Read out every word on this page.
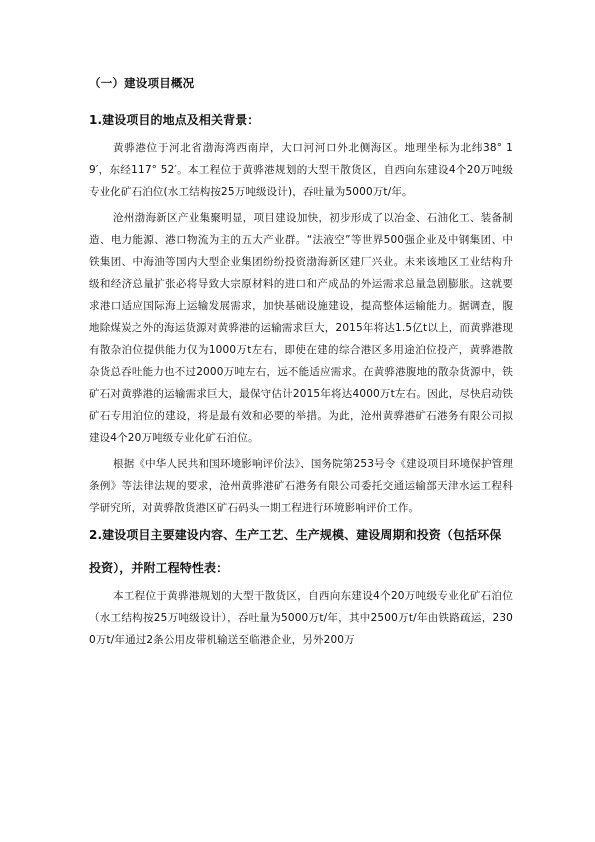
（一）建设项目概况
1.建设项目的地点及相关背景：
黄骅港位于河北省渤海湾西南岸，大口河河口外北侧海区。地理坐标为北纬38° 19′，东经117° 52′。本工程位于黄骅港规划的大型干散货区，自西向东建设4个20万吨级专业化矿石泊位(水工结构按25万吨级设计)，吞吐量为5000万t/年。
沧州渤海新区产业集聚明显，项目建设加快，初步形成了以冶金、石油化工、装备制造、电力能源、港口物流为主的五大产业群。“法液空”等世界500强企业及中钢集团、中铁集团、中海油等国内大型企业集团纷纷投资渤海新区建厂兴业。未来该地区工业结构升级和经济总量扩张必将导致大宗原材料的进口和产成品的外运需求总量急剧膨胀。这就要求港口适应国际海上运输发展需求，加快基础设施建设，提高整体运输能力。据调查，腹地除煤炭之外的海运货源对黄骅港的运输需求巨大，2015年将达1.5亿t以上，而黄骅港现有散杂泊位提供能力仅为1000万t左右，即使在建的综合港区多用途泊位投产，黄骅港散杂货总吞吐能力也不过2000万吨左右，远不能适应需求。在黄骅港腹地的散杂货源中，铁矿石对黄骅港的运输需求巨大，最保守估计2015年将达4000万t左右。因此，尽快启动铁矿石专用泊位的建设，将是最有效和必要的举措。为此，沧州黄骅港矿石港务有限公司拟建设4个20万吨级专业化矿石泊位。
根据《中华人民共和国环境影响评价法》、国务院第253号令《建设项目环境保护管理条例》等法律法规的要求，沧州黄骅港矿石港务有限公司委托交通运输部天津水运工程科学研究所，对黄骅散货港区矿石码头一期工程进行环境影响评价工作。
2.建设项目主要建设内容、生产工艺、生产规模、建设周期和投资（包括环保投资），并附工程特性表：
本工程位于黄骅港规划的大型干散货区，自西向东建设4个20万吨级专业化矿石泊位（水工结构按25万吨级设计），吞吐量为5000万t/年，其中2500万t/年由铁路疏运，2300万t/年通过2条公用皮带机输送至临港企业，另外200万
